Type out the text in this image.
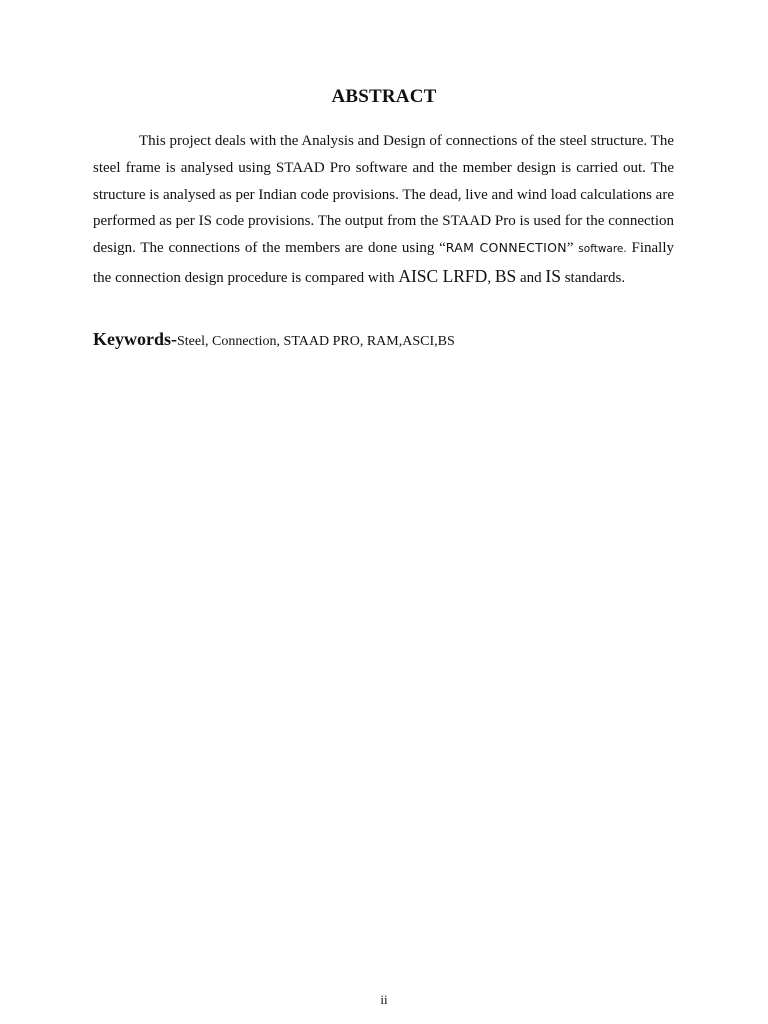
ABSTRACT

This project deals with the Analysis and Design of connections of the steel structure. The steel frame is analysed using STAAD Pro software and the member design is carried out. The structure is analysed as per Indian code provisions. The dead, live and wind load calculations are performed as per IS code provisions. The output from the STAAD Pro is used for the connection design. The connections of the members are done using “RAM CONNECTION” software. Finally the connection design procedure is compared with AISC LRFD, BS and IS standards.

Keywords-Steel, Connection, STAAD PRO, RAM,ASCI,BS
ii
